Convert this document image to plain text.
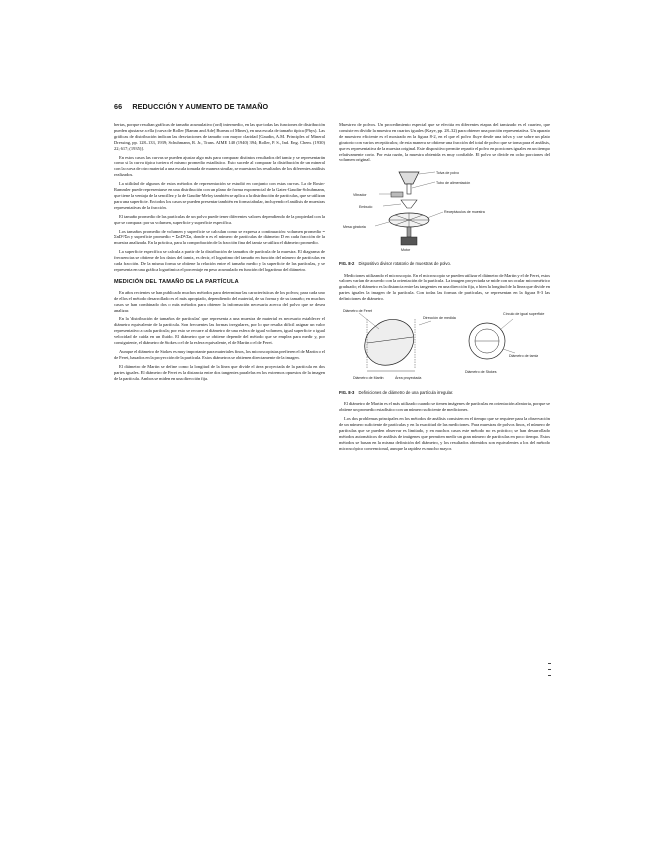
66 REDUCCIÓN Y AUMENTO DE TAMAÑO

bertas, porque resultan gráficas de tamaño acumulativo (ord) intermedio, en las que todas las funciones de distribución pueden ajustarse a ella (curva de Roller [Ramm and Ade] Bureau of Mines), en una escala de tamaño típica (Phys). Las gráficas de distribución indican las desviaciones de tamaño con mayor claridad [Gaudin, A.M. Principles of Mineral Dressing, pp. 128–133, 1939; Schuhmann, R. Jr., Trans. AIME 140 (1940) 394; Roller, P. S., Ind. Eng. Chem. (1930) 22; 617; (1935)].

En estos casos las curvas se pueden ajustar algo más para comparar distintos resultados del tamiz y se representarán como si la curva típica tuviera el mismo promedio estadístico. Esto sucede al comparar la distribución de un mineral con la curva de otro material a una escala tomada de manera similar, se muestran los resultados de los diferentes análisis realizados.

La utilidad de algunos de estos métodos de representación se estudió en conjunto con estas curvas. La de Rosin-Rammler puede representarse en una distribución con un plano de forma exponencial de la Gates-Gaudin-Schuhmann, que tiene la ventaja de la sencillez y la de Gaudin-Meloy también se aplica a la distribución de partículas, que se utilizan para una superficie. En todos los casos se pueden presentar también en forma tabular, incluyendo el análisis de muestras representativas de la fracción.

El tamaño promedio de las partículas de un polvo puede tener diferentes valores dependiendo de la propiedad con la que se compara: por su volumen, superficie y superficie específica.

Los tamaños promedio de volumen y superficie se calculan como se expresa a continuación: volumen promedio = ΣnD³/Σn y superficie promedio = ΣnD²/Σn, donde n es el número de partículas de diámetro D en cada fracción de la muestra analizada. En la práctica, para la comprobación de la fracción fina del tamiz se utiliza el diámetro promedio.

La superficie específica se calcula a partir de la distribución de tamaños de partícula de la muestra. El diagrama de frecuencias se obtiene de los datos del tamiz, es decir, el logaritmo del tamaño en función del número de partículas en cada fracción. De la misma forma se obtiene la relación entre el tamaño medio y la superficie de las partículas, y se representa en una gráfica logarítmica el porcentaje en peso acumulado en función del logaritmo del diámetro.

MEDICIÓN DEL TAMAÑO DE LA PARTÍCULA

En años recientes se han publicado muchos métodos para determinar las características de los polvos; para cada uno de ellos el método desarrollado es el más apropiado, dependiendo del material, de su forma y de su tamaño; en muchos casos se han combinado dos o más métodos para obtener la información necesaria acerca del polvo que se desea analizar.

En la 'distribución de tamaños de partículas' que representa a una muestra de material es necesario establecer el diámetro equivalente de la partícula. Son frecuentes las formas irregulares, por lo que resulta difícil asignar un valor representativo a cada partícula; por esto se recurre al diámetro de una esfera de igual volumen, igual superficie o igual velocidad de caída en un fluido. El diámetro que se obtiene depende del método que se emplea para medir y, por consiguiente, el diámetro de Stokes o el de la esfera equivalente, el de Martin o el de Feret.

Aunque el diámetro de Stokes es muy importante para materiales finos, los microscopistas prefieren el de Martin o el de Feret, basados en la proyección de la partícula. Estos diámetros se obtienen directamente de la imagen.

El diámetro de Martin se define como la longitud de la línea que divide el área proyectada de la partícula en dos partes iguales. El diámetro de Feret es la distancia entre dos tangentes paralelas en los extremos opuestos de la imagen de la partícula. Ambos se miden en una dirección fija.

Muestreo de polvos. Un procedimiento especial que se efectúa en diferentes etapas del tamizado es el cuarteo, que consiste en dividir la muestra en cuartos iguales (Kaye, pp. 28–32) para obtener una porción representativa. Un aparato de muestreo eficiente es el mostrado en la figura 8-2, en el que el polvo fluye desde una tolva y cae sobre un plato giratorio con varios receptáculos; de esta manera se obtiene una fracción del total de polvo que se toma para el análisis, que es representativa de la muestra original. Este dispositivo permite repartir el polvo en porciones iguales en un tiempo relativamente corto. Por esta razón, la muestra obtenida es muy confiable. El polvo se divide en ocho porciones del volumen original.

Tolva de polvo
Tubo de alimentación
Vibrador
Embudo
Receptáculos de muestra
Mesa giratoria
Motor
FIG. 8-2 Dispositivo divisor rotatorio de muestras de polvo.

Mediciones utilizando el microscopio. En el microscopio se pueden utilizar el diámetro de Martin y el de Feret, estos valores varían de acuerdo con la orientación de la partícula. La imagen proyectada se mide con un ocular micrométrico graduado; el diámetro es la distancia entre las tangentes en una dirección fija, o bien la longitud de la línea que divide en partes iguales la imagen de la partícula. Con todas las formas de partículas, se representan en la figura 8-3 las definiciones de diámetro.

Diámetro de Feret
Dirección de medida
Diámetro de Martin	Área proyectada
Círculo de igual superficie
Diámetro de tamiz
Diámetro de Stokes
FIG. 8-3 Definiciones de diámetro de una partícula irregular.

El diámetro de Martin es el más utilizado cuando se tienen imágenes de partículas en orientación aleatoria, porque se obtiene un promedio estadístico con un número suficiente de mediciones.

Los dos problemas principales en los métodos de análisis consisten en el tiempo que se requiere para la observación de un número suficiente de partículas y en la exactitud de las mediciones. Para muestras de polvos finos, el número de partículas que se pueden observar es limitado, y en muchos casos este método no es práctico; se han desarrollado métodos automáticos de análisis de imágenes que permiten medir un gran número de partículas en poco tiempo. Estos métodos se basan en la misma definición del diámetro, y los resultados obtenidos son equivalentes a los del método microscópico convencional, aunque la rapidez es mucho mayor.
